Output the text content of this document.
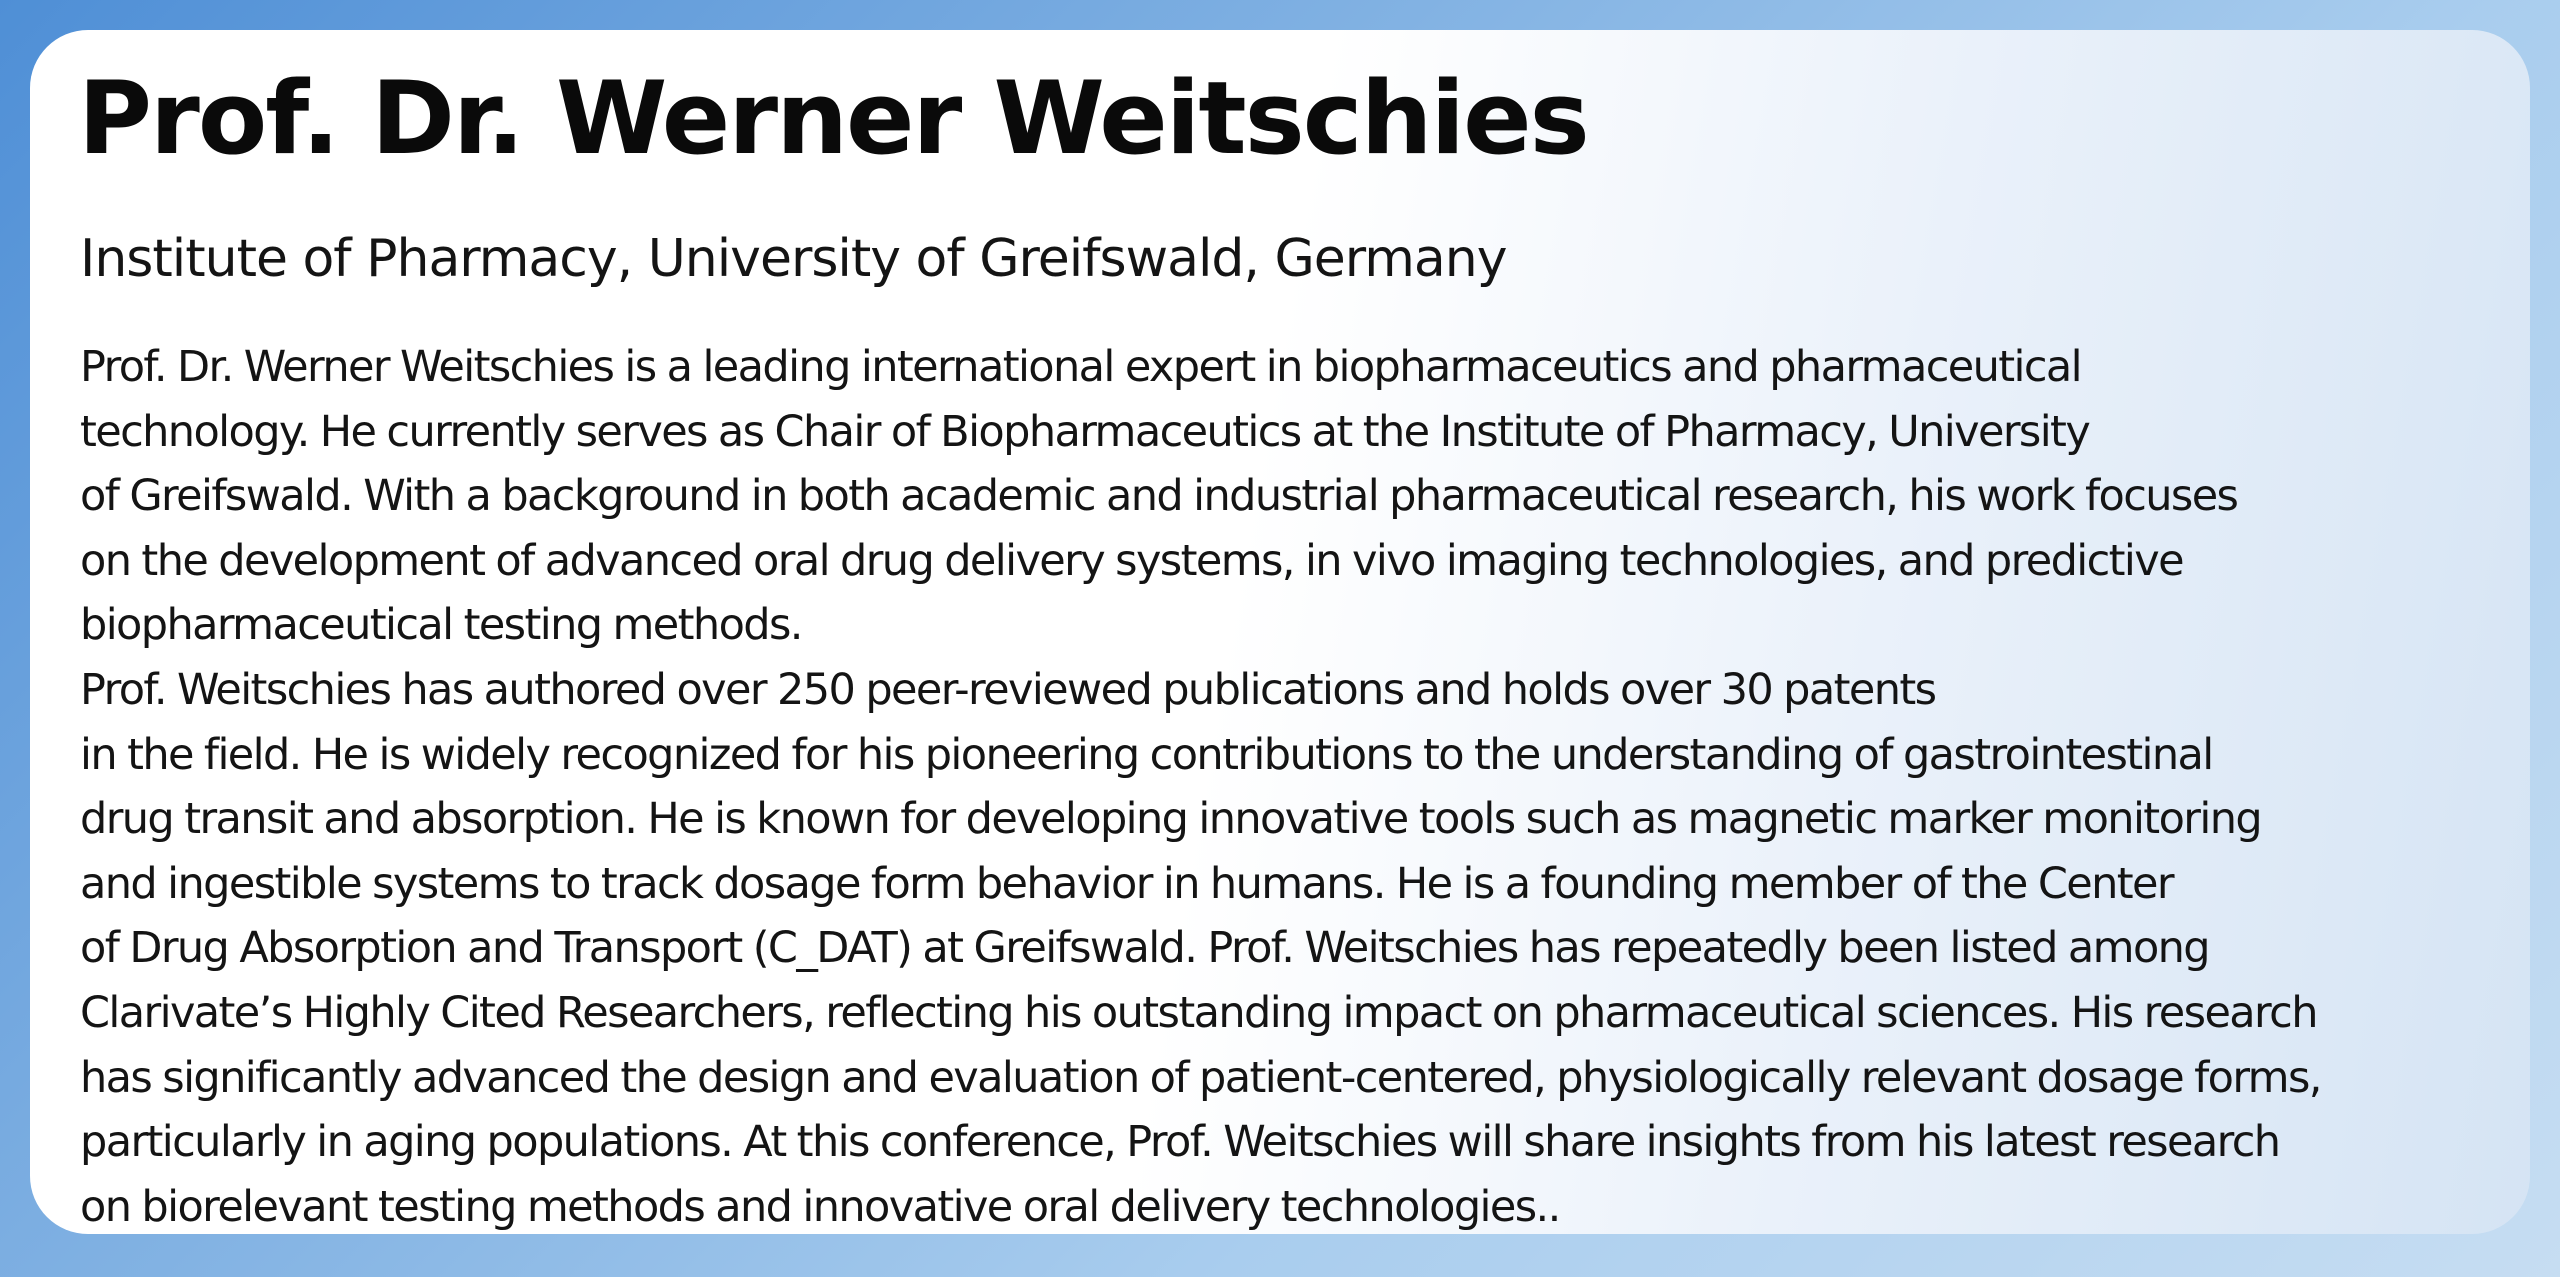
Prof. Dr. Werner Weitschies
Institute of Pharmacy, University of Greifswald, Germany
Prof. Dr. Werner Weitschies is a leading international expert in biopharmaceutics and pharmaceutical
technology. He currently serves as Chair of Biopharmaceutics at the Institute of Pharmacy, University
of Greifswald. With a background in both academic and industrial pharmaceutical research, his work focuses
on the development of advanced oral drug delivery systems, in vivo imaging technologies, and predictive
biopharmaceutical testing methods.
Prof. Weitschies has authored over 250 peer-reviewed publications and holds over 30 patents
in the field. He is widely recognized for his pioneering contributions to the understanding of gastrointestinal
drug transit and absorption. He is known for developing innovative tools such as magnetic marker monitoring
and ingestible systems to track dosage form behavior in humans. He is a founding member of the Center
of Drug Absorption and Transport (C_DAT) at Greifswald. Prof. Weitschies has repeatedly been listed among
Clarivate’s Highly Cited Researchers, reflecting his outstanding impact on pharmaceutical sciences. His research
has significantly advanced the design and evaluation of patient-centered, physiologically relevant dosage forms,
particularly in aging populations. At this conference, Prof. Weitschies will share insights from his latest research
on biorelevant testing methods and innovative oral delivery technologies..
